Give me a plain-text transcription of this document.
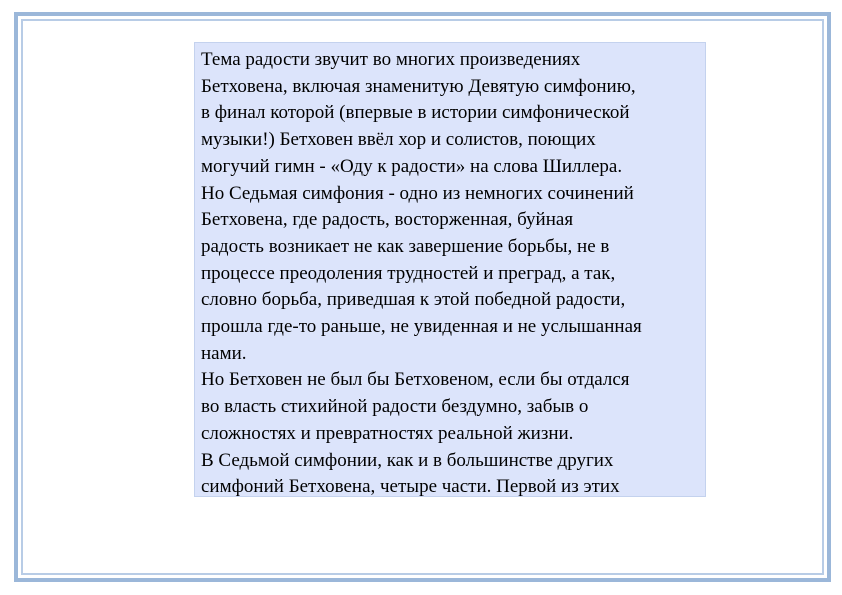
Тема радости звучит во многих произведениях
Бетховена, включая знаменитую Девятую симфонию,
в финал которой (впервые в истории симфонической
музыки!) Бетховен ввёл хор и солистов, поющих
могучий гимн - «Оду к радости» на слова Шиллера.
Но Седьмая симфония - одно из немногих сочинений
Бетховена, где радость, восторженная, буйная
радость возникает не как завершение борьбы, не в
процессе преодоления трудностей и преград, а так,
словно борьба, приведшая к этой победной радости,
прошла где-то раньше, не увиденная и не услышанная
нами.
Но Бетховен не был бы Бетховеном, если бы отдался
во власть стихийной радости бездумно, забыв о
сложностях и превратностях реальной жизни.
В Седьмой симфонии, как и в большинстве других
симфоний Бетховена, четыре части. Первой из этих
